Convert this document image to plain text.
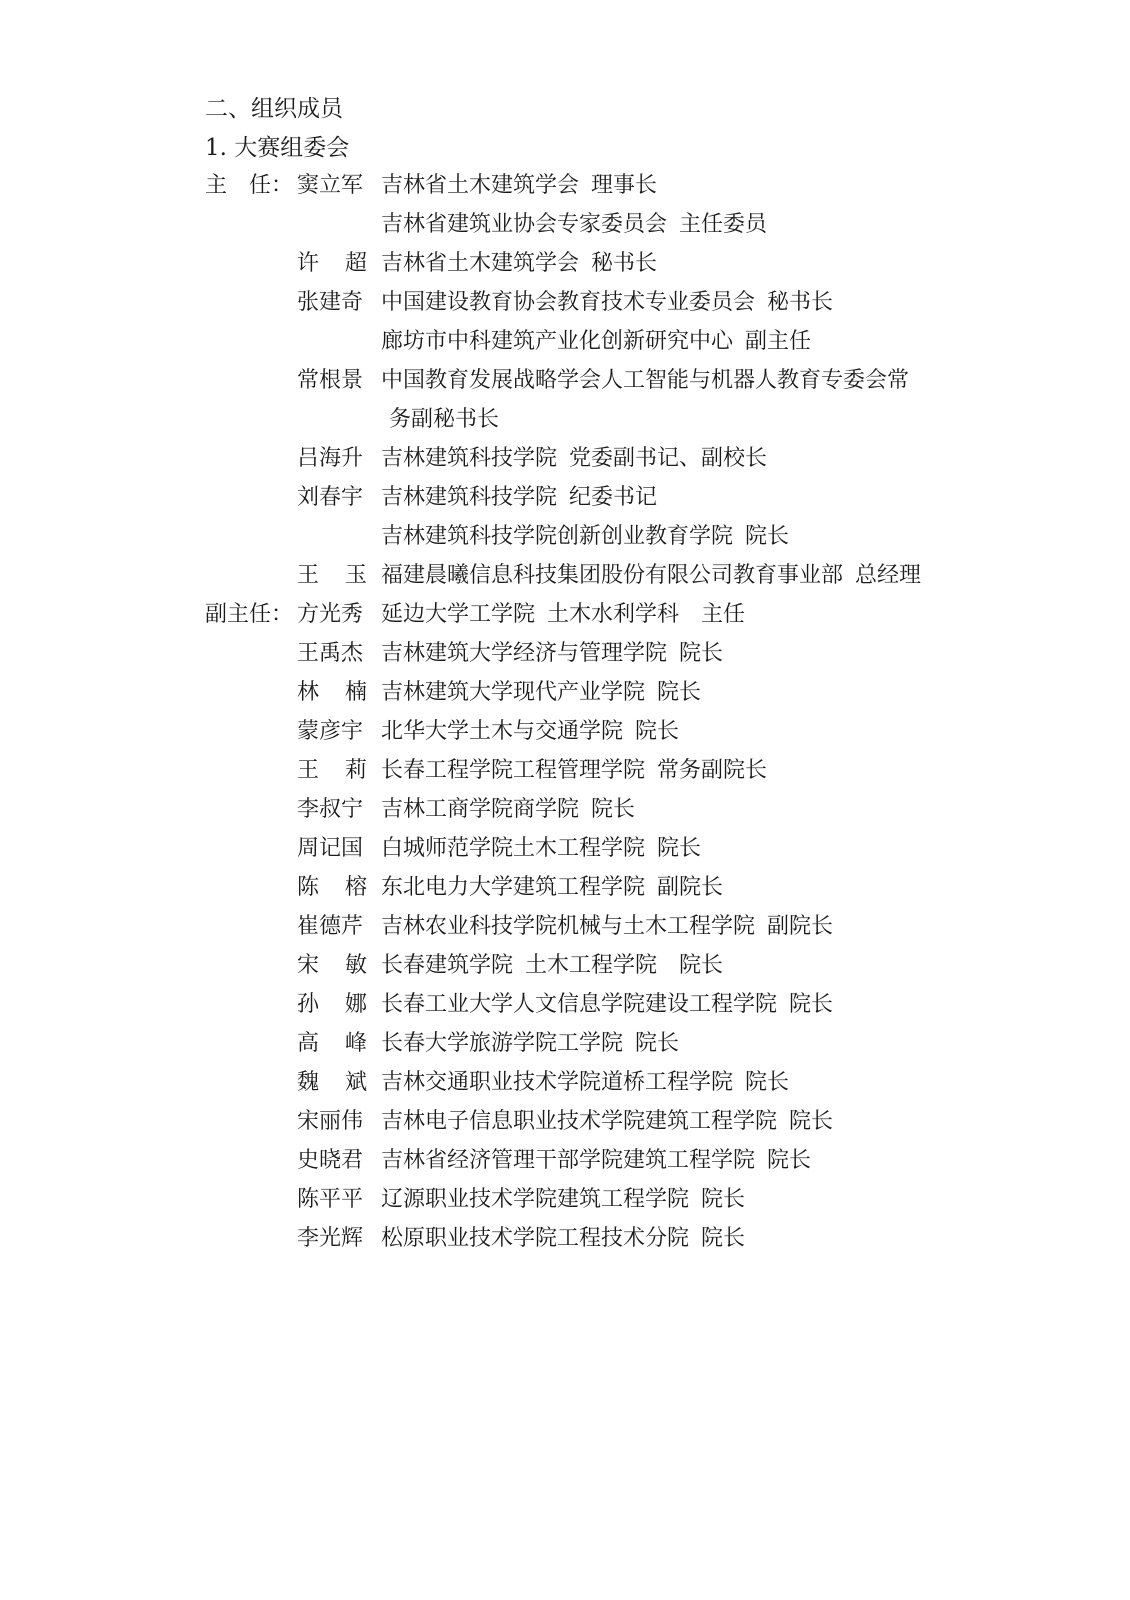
二、组织成员
1. 大赛组委会
主　任： 窦立军 吉林省土木建筑学会 理事长
吉林省建筑业协会专家委员会 主任委员
许 超 吉林省土木建筑学会 秘书长
张建奇 中国建设教育协会教育技术专业委员会 秘书长
廊坊市中科建筑产业化创新研究中心 副主任
常根景 中国教育发展战略学会人工智能与机器人教育专委会常
务副秘书长
吕海升 吉林建筑科技学院 党委副书记、副校长
刘春宇 吉林建筑科技学院 纪委书记
吉林建筑科技学院创新创业教育学院 院长
王 玉 福建晨曦信息科技集团股份有限公司教育事业部 总经理
副主任： 方光秀 延边大学工学院 土木水利学科　主任
王禹杰 吉林建筑大学经济与管理学院 院长
林 楠 吉林建筑大学现代产业学院 院长
蒙彦宇 北华大学土木与交通学院 院长
王 莉 长春工程学院工程管理学院 常务副院长
李叔宁 吉林工商学院商学院 院长
周记国 白城师范学院土木工程学院 院长
陈 榕 东北电力大学建筑工程学院 副院长
崔德芹 吉林农业科技学院机械与土木工程学院 副院长
宋 敏 长春建筑学院 土木工程学院　院长
孙 娜 长春工业大学人文信息学院建设工程学院 院长
高 峰 长春大学旅游学院工学院 院长
魏 斌 吉林交通职业技术学院道桥工程学院 院长
宋丽伟 吉林电子信息职业技术学院建筑工程学院 院长
史晓君 吉林省经济管理干部学院建筑工程学院 院长
陈平平 辽源职业技术学院建筑工程学院 院长
李光辉 松原职业技术学院工程技术分院 院长
